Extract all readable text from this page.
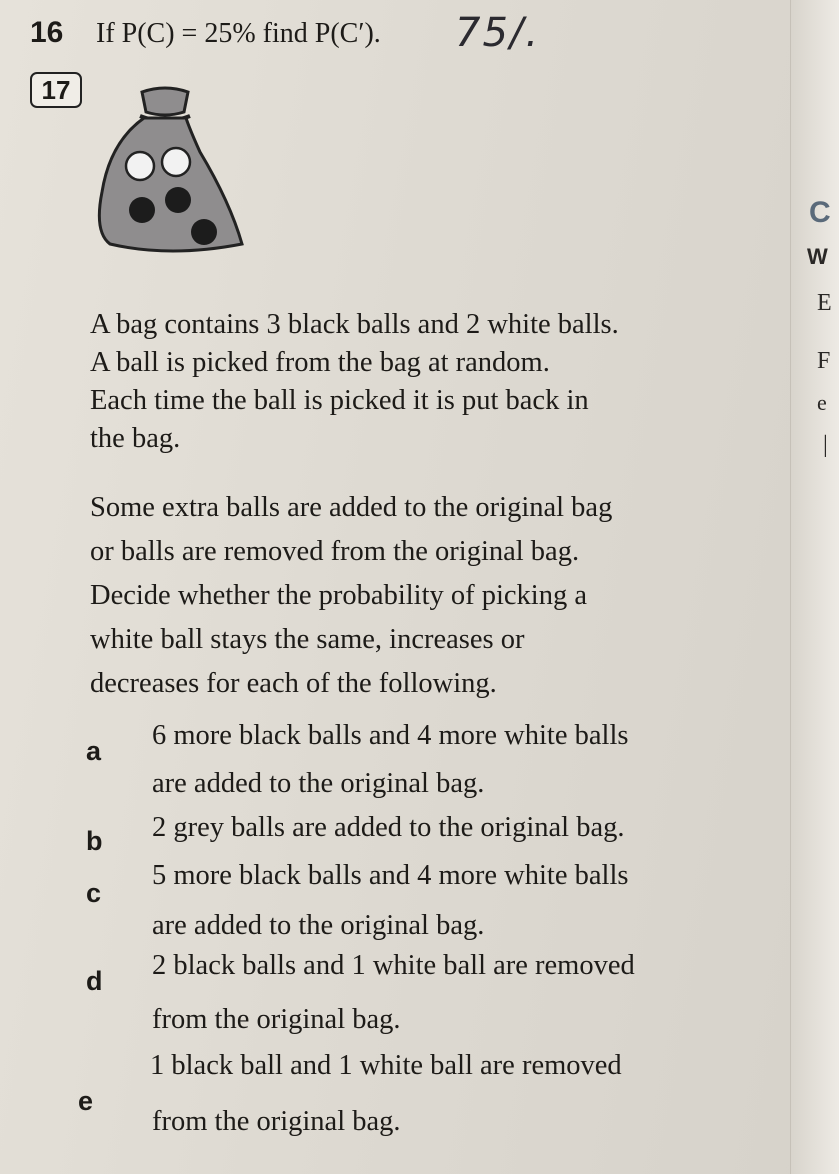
16 If P(C) = 25% find P(C′). 75/.
17
A bag contains 3 black balls and 2 white balls.
A ball is picked from the bag at random.
Each time the ball is picked it is put back in
the bag.
Some extra balls are added to the original bag
or balls are removed from the original bag.
Decide whether the probability of picking a
white ball stays the same, increases or
decreases for each of the following.
a 6 more black balls and 4 more white balls
are added to the original bag.
b 2 grey balls are added to the original bag.
c
5 more black balls and 4 more white balls
are added to the original bag.
d 2 black balls and 1 white ball are removed
from the original bag.
e
1 black ball and 1 white ball are removed
from the original bag.
C
W
E
F
e
|
